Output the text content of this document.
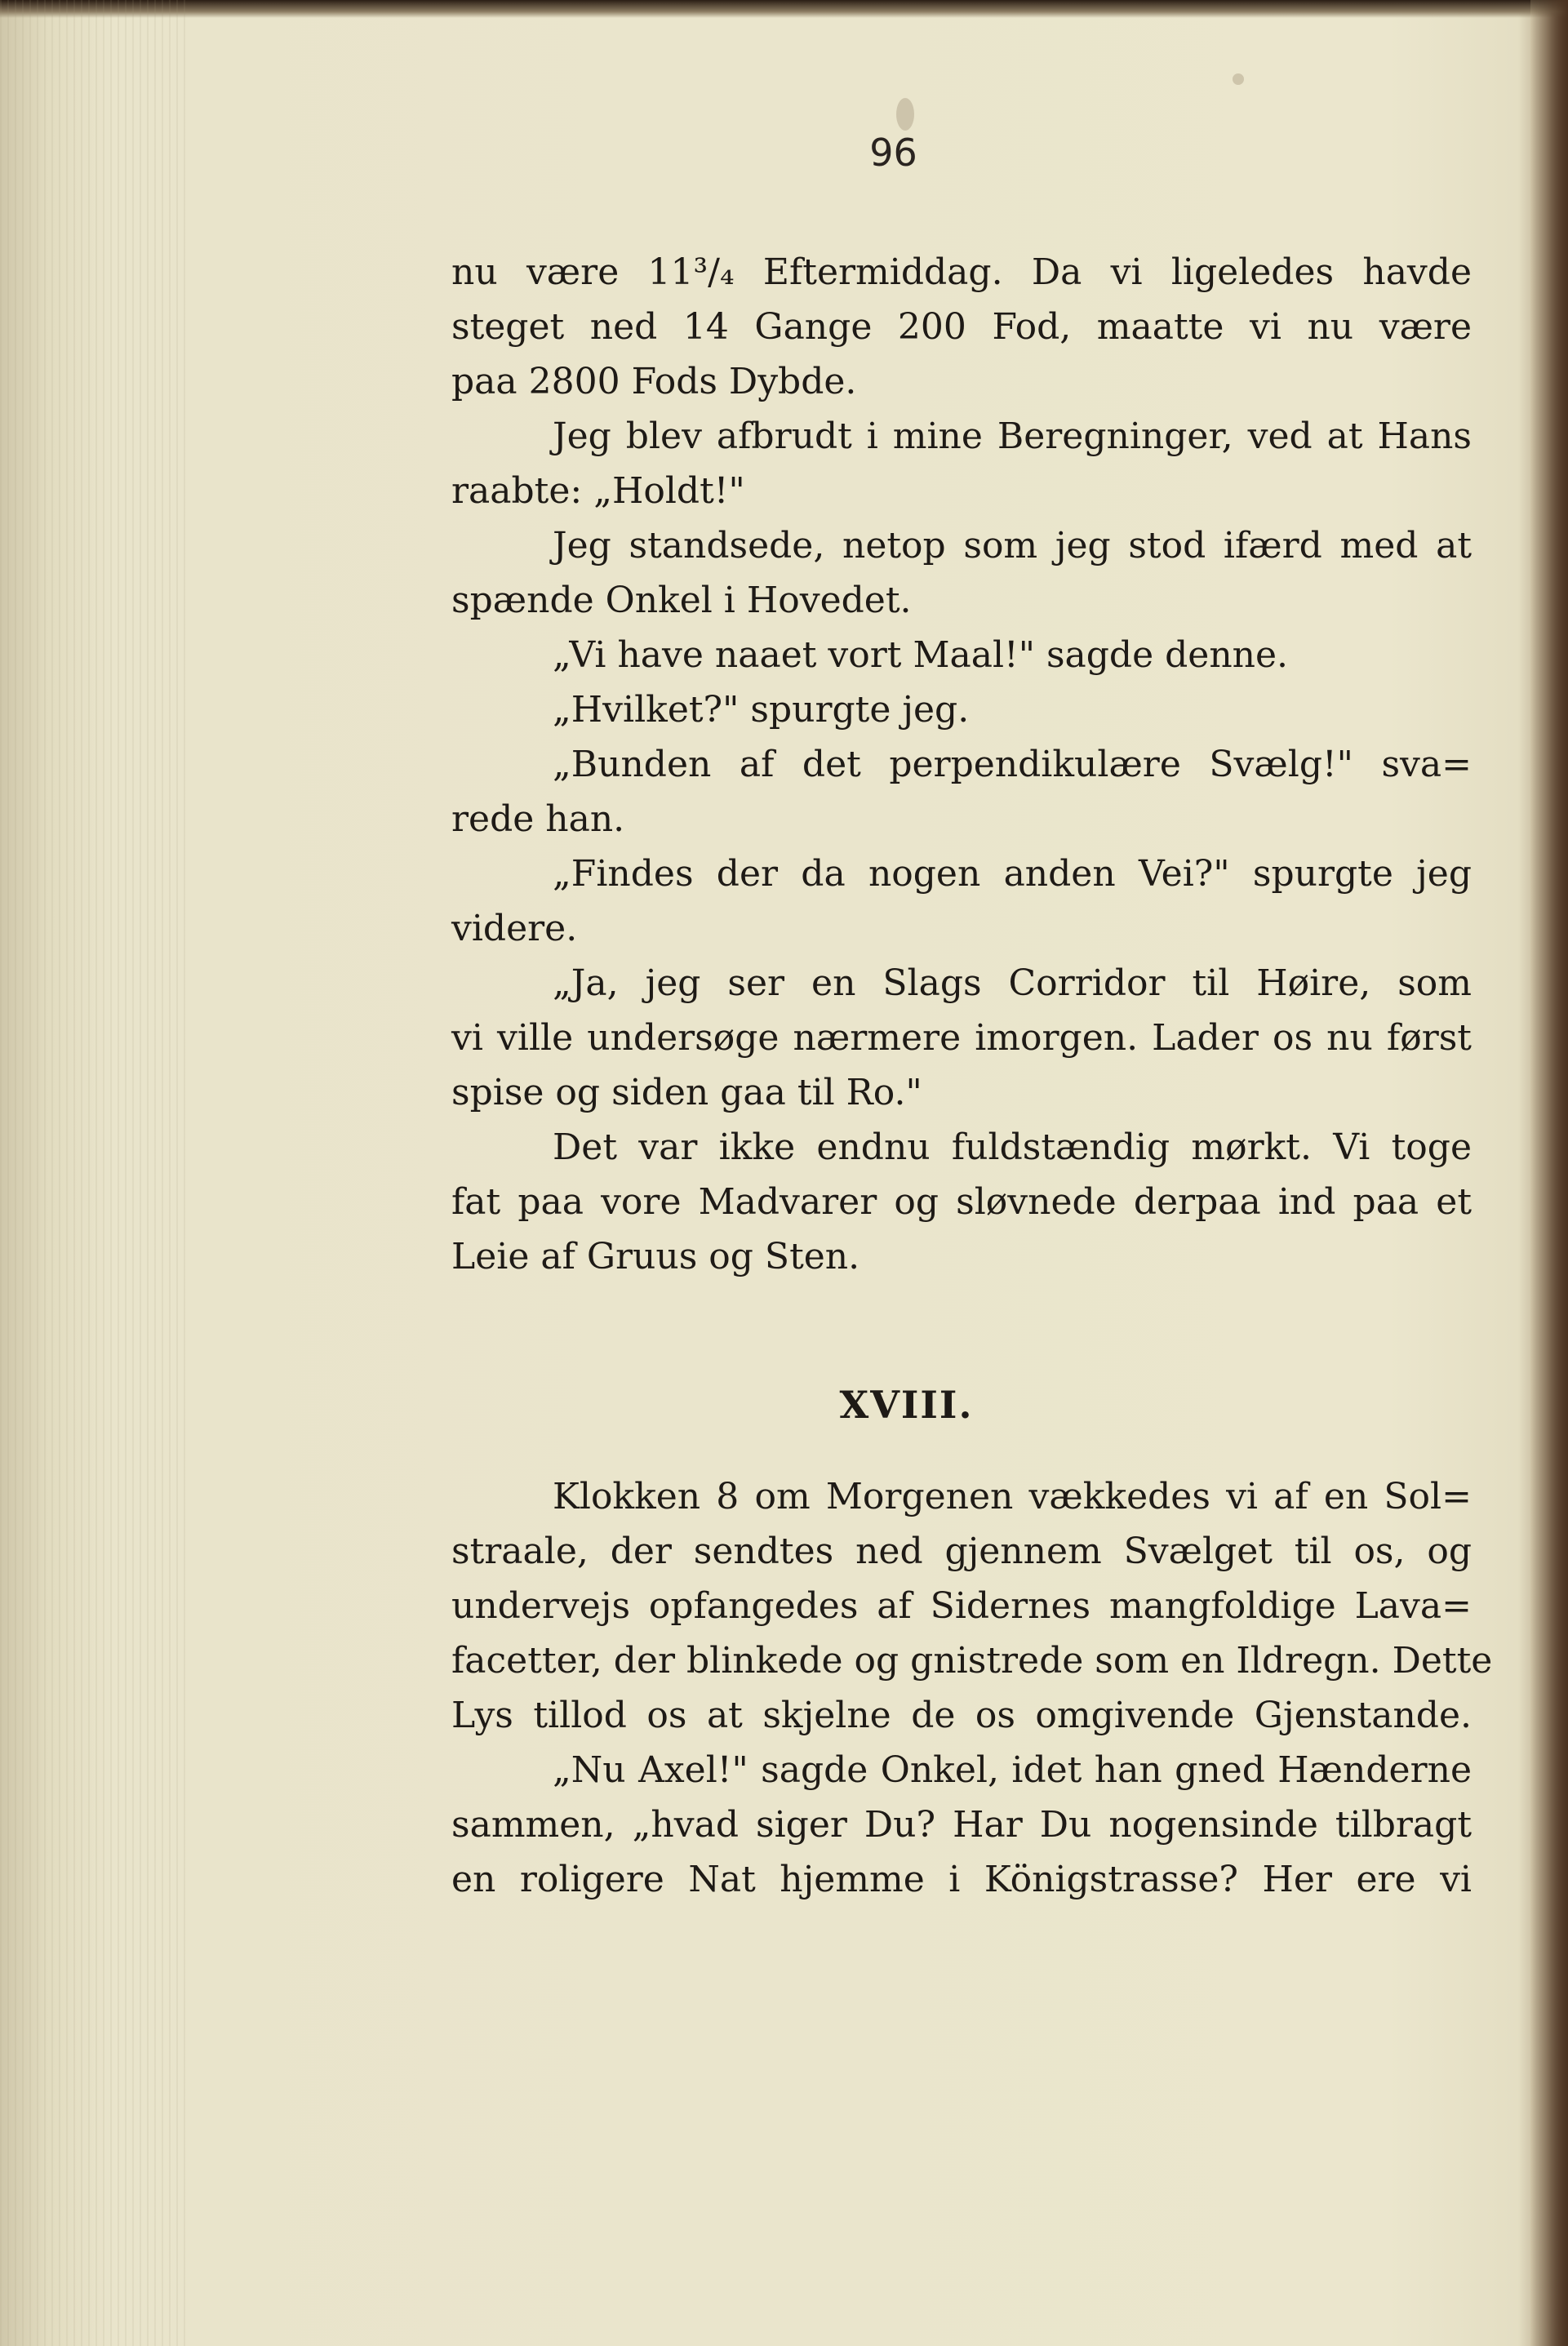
96
nu være 11³/₄ Eftermiddag. Da vi ligeledes havde
steget ned 14 Gange 200 Fod, maatte vi nu være
paa 2800 Fods Dybde.
Jeg blev afbrudt i mine Beregninger, ved at Hans
raabte: „Holdt!"
Jeg standsede, netop som jeg stod ifærd med at
spænde Onkel i Hovedet.
„Vi have naaet vort Maal!" sagde denne.
„Hvilket?" spurgte jeg.
„Bunden af det perpendikulære Svælg!" sva=
rede han.
„Findes der da nogen anden Vei?" spurgte jeg
videre.
„Ja, jeg ser en Slags Corridor til Høire, som
vi ville undersøge nærmere imorgen. Lader os nu først
spise og siden gaa til Ro."
Det var ikke endnu fuldstændig mørkt. Vi toge
fat paa vore Madvarer og sløvnede derpaa ind paa et
Leie af Gruus og Sten.
XVIII.
Klokken 8 om Morgenen vækkedes vi af en Sol=
straale, der sendtes ned gjennem Svælget til os, og
undervejs opfangedes af Sidernes mangfoldige Lava=
facetter, der blinkede og gnistrede som en Ildregn. Dette
Lys tillod os at skjelne de os omgivende Gjenstande.
„Nu Axel!" sagde Onkel, idet han gned Hænderne
sammen, „hvad siger Du? Har Du nogensinde tilbragt
en roligere Nat hjemme i Königstrasse? Her ere vi
